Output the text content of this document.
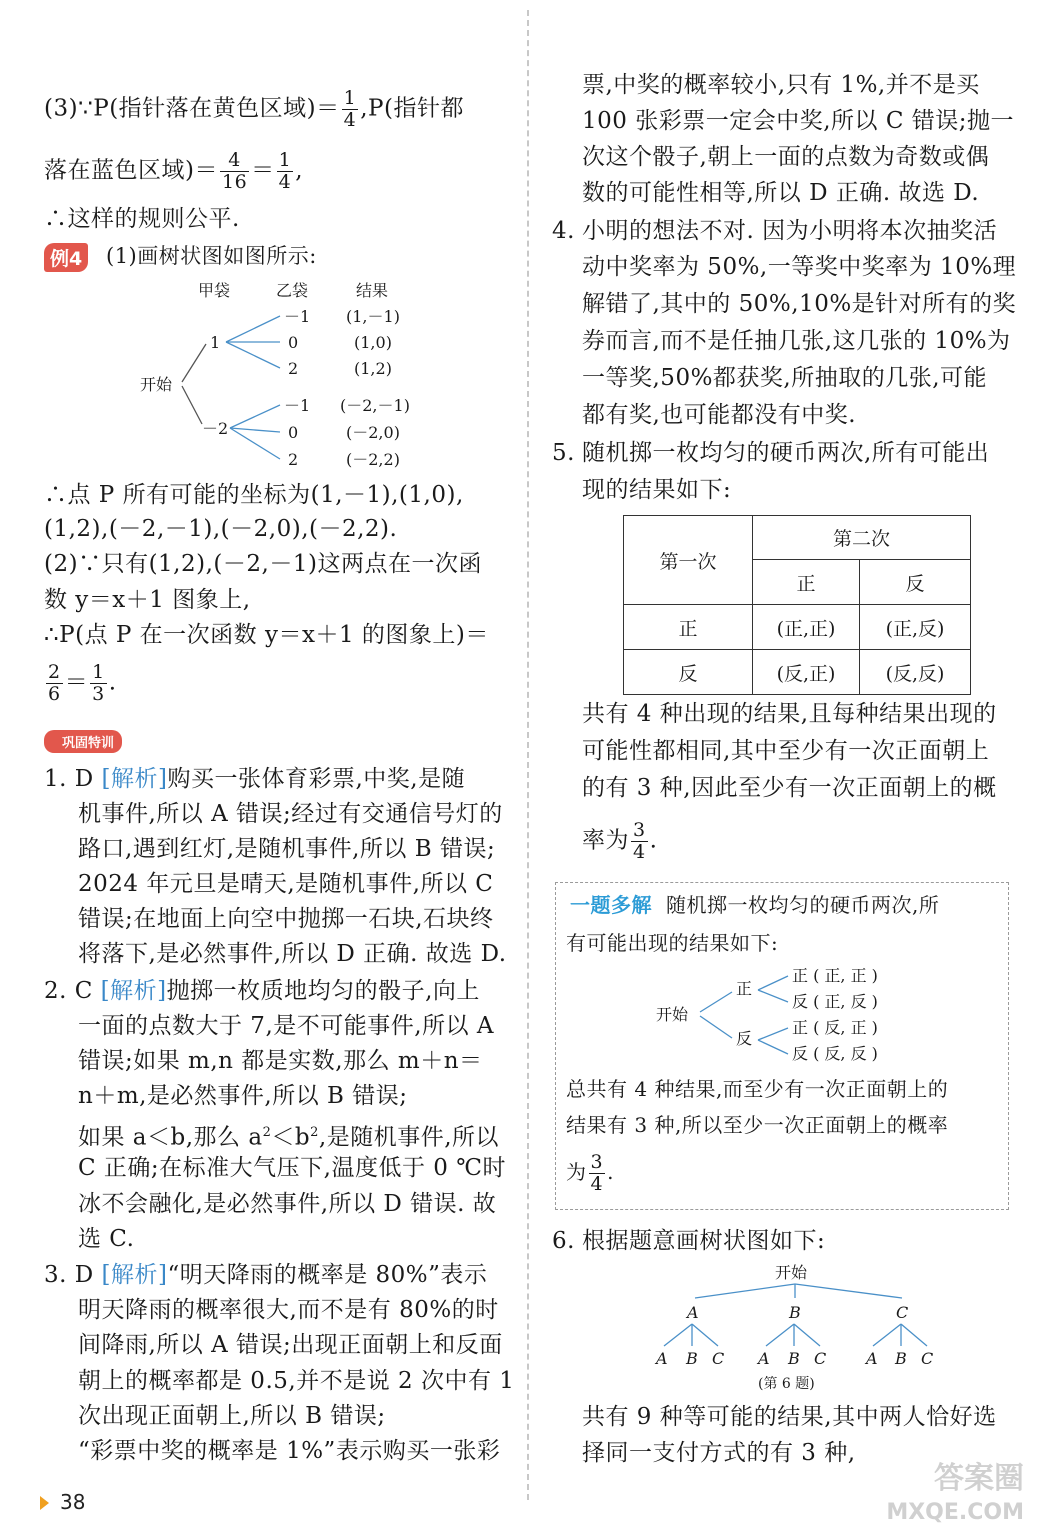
(3)∵P(指针落在黄色区域)＝ $\frac{1}{4} ,P$(指针都
落在蓝色区域)＝ $\frac{4}{16} = \frac{1}{4}$ ,
∴这样的规则公平.
例4 (1)画树状图如图所示:
甲袋	乙袋	结果
开始
1
－2
－1
0
2
－1
0
2
(1,－1)
(1,0)
(1,2)
(－2,－1)
(－2,0)
(－2,2)
∴点 P 所有可能的坐标为(1,－1),(1,0),
(1,2),(－2,－1),(－2,0),(－2,2).
(2)∵只有(1,2),(－2,－1)这两点在一次函
数 y＝x＋1 图象上,
∴P(点 P 在一次函数 y＝x＋1 的图象上)＝
$\frac{2}{6} = \frac{1}{3}$ .
巩固特训
1. D [解析]购买一张体育彩票,中奖,是随
机事件,所以 A 错误;经过有交通信号灯的
路口,遇到红灯,是随机事件,所以 B 错误;
2024 年元旦是晴天,是随机事件,所以 C
错误;在地面上向空中抛掷一石块,石块终
将落下,是必然事件,所以 D 正确. 故选 D.
2. C [解析]抛掷一枚质地均匀的骰子,向上
一面的点数大于 7,是不可能事件,所以 A
错误;如果 m,n 都是实数,那么 m＋n＝
n＋m,是必然事件,所以 B 错误;
如果 a＜b,那么 $a^2<b^2$,是随机事件,所以
C 正确;在标准大气压下,温度低于 0 ℃时
冰不会融化,是必然事件,所以 D 错误. 故
选 C.
3. D [解析]“明天降雨的概率是 80%”表示
明天降雨的概率很大,而不是有 80%的时
间降雨,所以 A 错误;出现正面朝上和反面
朝上的概率都是 0.5,并不是说 2 次中有 1
次出现正面朝上,所以 B 错误;
“彩票中奖的概率是 1%”表示购买一张彩
票,中奖的概率较小,只有 1%,并不是买
100 张彩票一定会中奖,所以 C 错误;抛一
次这个骰子,朝上一面的点数为奇数或偶
数的可能性相等,所以 D 正确. 故选 D.
4. 小明的想法不对. 因为小明将本次抽奖活
动中奖率为 50%,一等奖中奖率为 10%理
解错了,其中的 50%,10%是针对所有的奖
券而言,而不是任抽几张,这几张的 10%为
一等奖,50%都获奖,所抽取的几张,可能
都有奖,也可能都没有中奖.
5. 随机掷一枚均匀的硬币两次,所有可能出
现的结果如下:
第一次	第二次	
	正	反
正	(正,正)	(正,反)
反	(反,正)	(反,反)
共有 4 种出现的结果,且每种结果出现的
可能性都相同,其中至少有一次正面朝上
的有 3 种,因此至少有一次正面朝上的概
率为 $\frac{3}{4}$ .
一题多解 随机掷一枚均匀的硬币两次,所
有可能出现的结果如下:
开始
正
反
正 ( 正, 正 )
反 ( 正, 反 )
正 ( 反, 正 )
反 ( 反, 反 )
总共有 4 种结果,而至少有一次正面朝上的
结果有 3 种,所以至少一次正面朝上的概率
为 $\frac{3}{4}$ .
6. 根据题意画树状图如下:
开始
A	B	C
A B C A B C A B C
(第 6 题)
共有 9 种等可能的结果,其中两人恰好选
择同一支付方式的有 3 种,
38
答案圈
MXQE.COM
